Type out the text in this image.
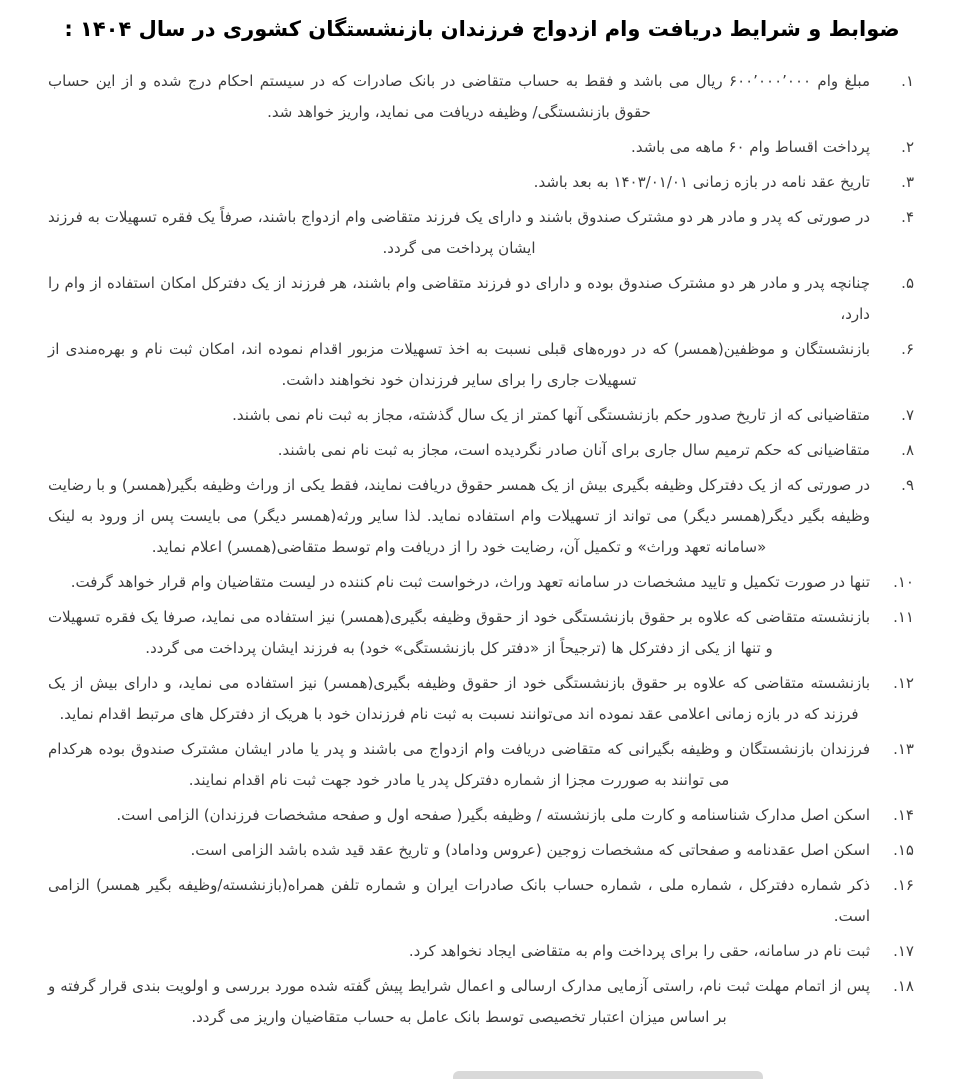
ضوابط و شرایط دریافت وام ازدواج فرزندان بازنشستگان کشوری در سال ۱۴۰۴ :
۱.
مبلغ وام ۶۰۰٬۰۰۰٬۰۰۰ ریال می باشد و فقط به حساب متقاضی در بانک صادرات که در سیستم احکام درج شده و از این حساب حقوق بازنشستگی/ وظیفه دریافت می نماید، واریز خواهد شد.
۲.
پرداخت اقساط وام ۶۰ ماهه می باشد.
۳.
تاریخ عقد نامه در بازه زمانی ۱۴۰۳/۰۱/۰۱ به بعد باشد.
۴.
در صورتی که پدر و مادر هر دو مشترک صندوق باشند و دارای یک فرزند متقاضی وام ازدواج باشند، صرفاً یک فقره تسهیلات به فرزند ایشان پرداخت می گردد.
۵.
چنانچه پدر و مادر هر دو مشترک صندوق بوده و دارای دو فرزند متقاضی وام باشند، هر فرزند از یک دفترکل امکان استفاده از وام را دارد،
۶.
بازنشستگان و موظفین(همسر) که در دوره‌های قبلی نسبت به اخذ تسهیلات مزبور اقدام نموده اند، امکان ثبت نام و بهره‌مندی از تسهیلات جاری را برای سایر فرزندان خود نخواهند داشت.
۷.
متقاضیانی که از تاریخ صدور حکم بازنشستگی آنها کمتر از یک سال گذشته، مجاز به ثبت نام نمی باشند.
۸.
متقاضیانی که حکم ترمیم سال جاری برای آنان صادر نگردیده است، مجاز به ثبت نام نمی باشند.
۹.
در صورتی که از یک دفترکل وظیفه بگیری بیش از یک همسر حقوق دریافت نمایند، فقط یکی از وراث وظیفه بگیر(همسر) و با رضایت وظیفه بگیر دیگر(همسر دیگر) می تواند از تسهیلات وام استفاده نماید. لذا سایر ورثه(همسر دیگر) می بایست پس از ورود به لینک «سامانه تعهد وراث» و تکمیل آن، رضایت خود را از دریافت وام توسط متقاضی(همسر) اعلام نماید.
۱۰.
تنها در صورت تکمیل و تایید مشخصات در سامانه تعهد وراث، درخواست ثبت نام کننده در لیست متقاضیان وام قرار خواهد گرفت.
۱۱.
بازنشسته متقاضی که علاوه بر حقوق بازنشستگی خود از حقوق وظیفه بگیری(همسر) نیز استفاده می نماید، صرفا یک فقره تسهیلات و تنها از یکی از دفترکل ها (ترجیحاً از «دفتر کل بازنشستگی» خود) به فرزند ایشان پرداخت می گردد.
۱۲.
بازنشسته متقاضی که علاوه بر حقوق بازنشستگی خود از حقوق وظیفه بگیری(همسر) نیز استفاده می نماید، و دارای بیش از یک فرزند که در بازه زمانی اعلامی عقد نموده اند می‌توانند نسبت به ثبت نام فرزندان خود با هریک از دفترکل های مرتبط اقدام نماید.
۱۳.
فرزندان بازنشستگان و وظیفه بگیرانی که متقاضی دریافت وام ازدواج می باشند و پدر یا مادر ایشان مشترک صندوق بوده هرکدام می توانند به صوررت مجزا از شماره دفترکل پدر یا مادر خود جهت ثبت نام اقدام نمایند.
۱۴.
اسکن اصل مدارک شناسنامه و کارت ملی بازنشسته / وظیفه بگیر( صفحه اول و صفحه مشخصات فرزندان) الزامی است.
۱۵.
اسکن اصل عقدنامه و صفحاتی که مشخصات زوجین (عروس وداماد) و تاریخ عقد قید شده باشد الزامی است.
۱۶.
ذکر شماره دفترکل ، شماره ملی ، شماره حساب بانک صادرات ایران و شماره تلفن همراه(بازنشسته/وظیفه بگیر همسر) الزامی است.
۱۷.
ثبت نام در سامانه، حقی را برای پرداخت وام به متقاضی ایجاد نخواهد کرد.
۱۸.
پس از اتمام مهلت ثبت نام، راستی آزمایی مدارک ارسالی و اعمال شرایط پیش گفته شده مورد بررسی و اولویت بندی قرار گرفته و بر اساس میزان اعتبار تخصیصی توسط بانک عامل به حساب متقاضیان واریز می گردد.
